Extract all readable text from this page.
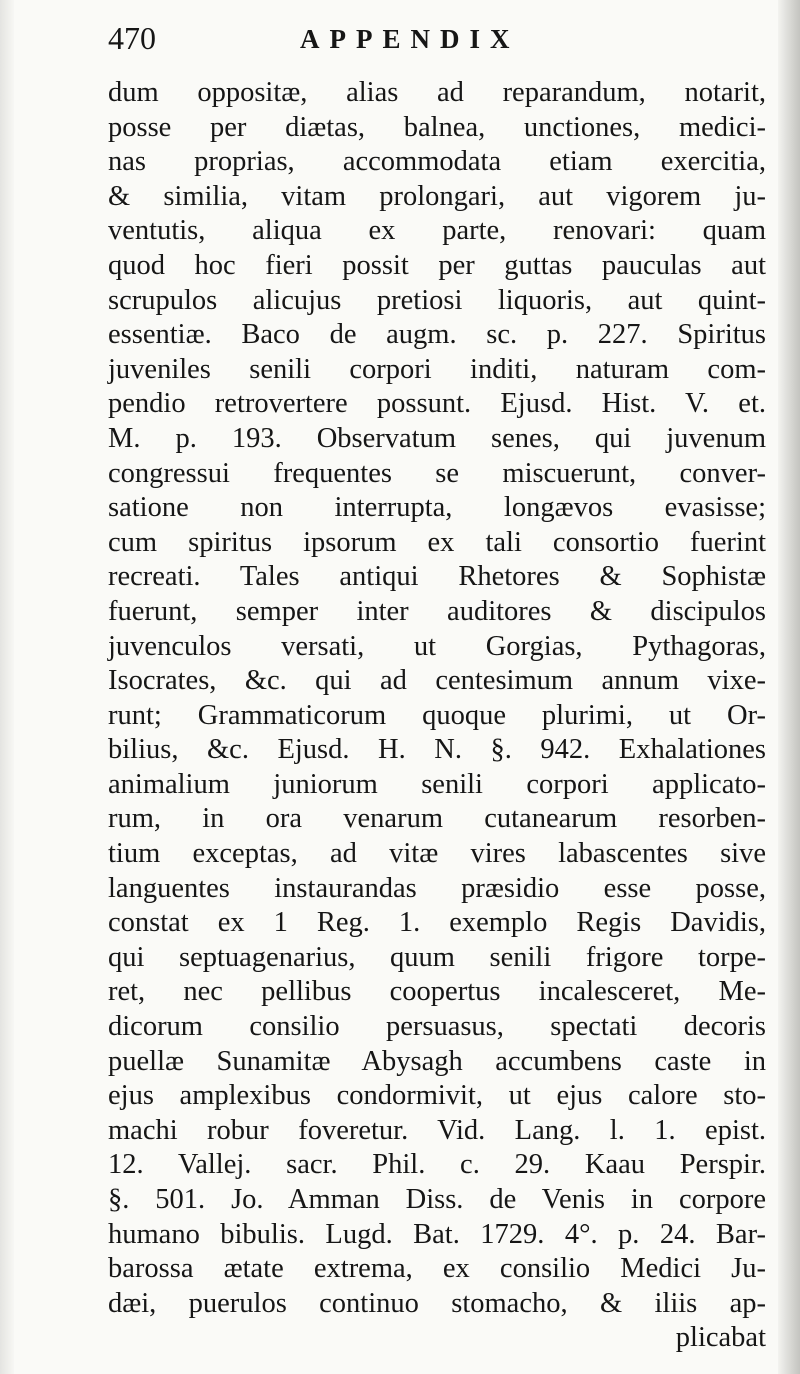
470	APPENDIX
dum oppositæ, alias ad reparandum, notarit,
posse per diætas, balnea, unctiones, medici-
nas proprias, accommodata etiam exercitia,
& similia, vitam prolongari, aut vigorem ju-
ventutis, aliqua ex parte, renovari: quam
quod hoc fieri possit per guttas pauculas aut
scrupulos alicujus pretiosi liquoris, aut quint-
essentiæ. Baco de augm. sc. p. 227. Spiritus
juveniles senili corpori inditi, naturam com-
pendio retrovertere possunt. Ejusd. Hist. V. et.
M. p. 193. Observatum senes, qui juvenum
congressui frequentes se miscuerunt, conver-
satione non interrupta, longævos evasisse;
cum spiritus ipsorum ex tali consortio fuerint
recreati. Tales antiqui Rhetores & Sophistæ
fuerunt, semper inter auditores & discipulos
juvenculos versati, ut Gorgias, Pythagoras,
Isocrates, &c. qui ad centesimum annum vixe-
runt; Grammaticorum quoque plurimi, ut Or-
bilius, &c. Ejusd. H. N. §. 942. Exhalationes
animalium juniorum senili corpori applicato-
rum, in ora venarum cutanearum resorben-
tium exceptas, ad vitæ vires labascentes sive
languentes instaurandas præsidio esse posse,
constat ex 1 Reg. 1. exemplo Regis Davidis,
qui septuagenarius, quum senili frigore torpe-
ret, nec pellibus coopertus incalesceret, Me-
dicorum consilio persuasus, spectati decoris
puellæ Sunamitæ Abysagh accumbens caste in
ejus amplexibus condormivit, ut ejus calore sto-
machi robur foveretur. Vid. Lang. l. 1. epist.
12. Vallej. sacr. Phil. c. 29. Kaau Perspir.
§. 501. Jo. Amman Diss. de Venis in corpore
humano bibulis. Lugd. Bat. 1729. 4°. p. 24. Bar-
barossa ætate extrema, ex consilio Medici Ju-
dæi, puerulos continuo stomacho, & iliis ap-
plicabat
